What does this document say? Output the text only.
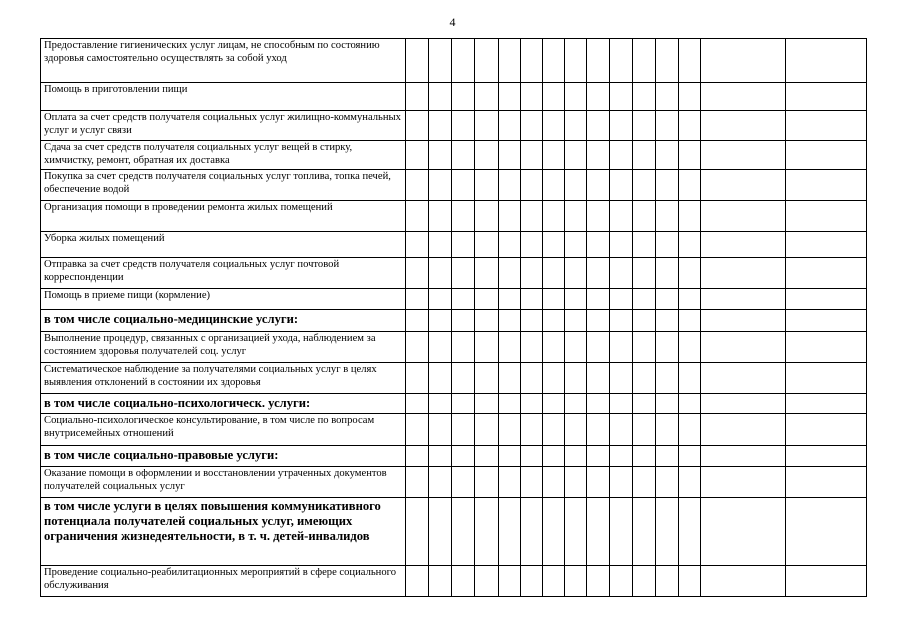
4
Предоставление гигиенических услуг лицам, не способным по состоянию здоровья самостоятельно осуществлять за собой уход															
Помощь в приготовлении пищи															
Оплата за счет средств получателя социальных услуг жилищно-коммунальных услуг и услуг связи															
Сдача за счет средств получателя социальных услуг вещей в стирку, химчистку, ремонт, обратная их доставка															
Покупка за счет средств получателя социальных услуг топлива, топка печей, обеспечение водой															
Организация помощи в проведении ремонта жилых помещений															
Уборка жилых помещений															
Отправка за счет средств получателя социальных услуг почтовой корреспонденции															
Помощь в приеме пищи (кормление)															
в том числе социально-медицинские услуги:															
Выполнение процедур, связанных с организацией ухода, наблюдением за состоянием здоровья получателей соц. услуг															
Систематическое наблюдение за получателями социальных услуг в целях выявления отклонений в состоянии их здоровья															
в том числе социально-психологическ. услуги:															
Социально-психологическое консультирование, в том числе по вопросам внутрисемейных отношений															
в том числе социально-правовые услуги:															
Оказание помощи в оформлении и восстановлении утраченных документов получателей социальных услуг															
в том числе услуги в целях повышения коммуникативного потенциала получателей социальных услуг, имеющих ограничения жизнедеятельности, в т. ч. детей-инвалидов															
Проведение социально-реабилитационных мероприятий в сфере социального обслуживания															
